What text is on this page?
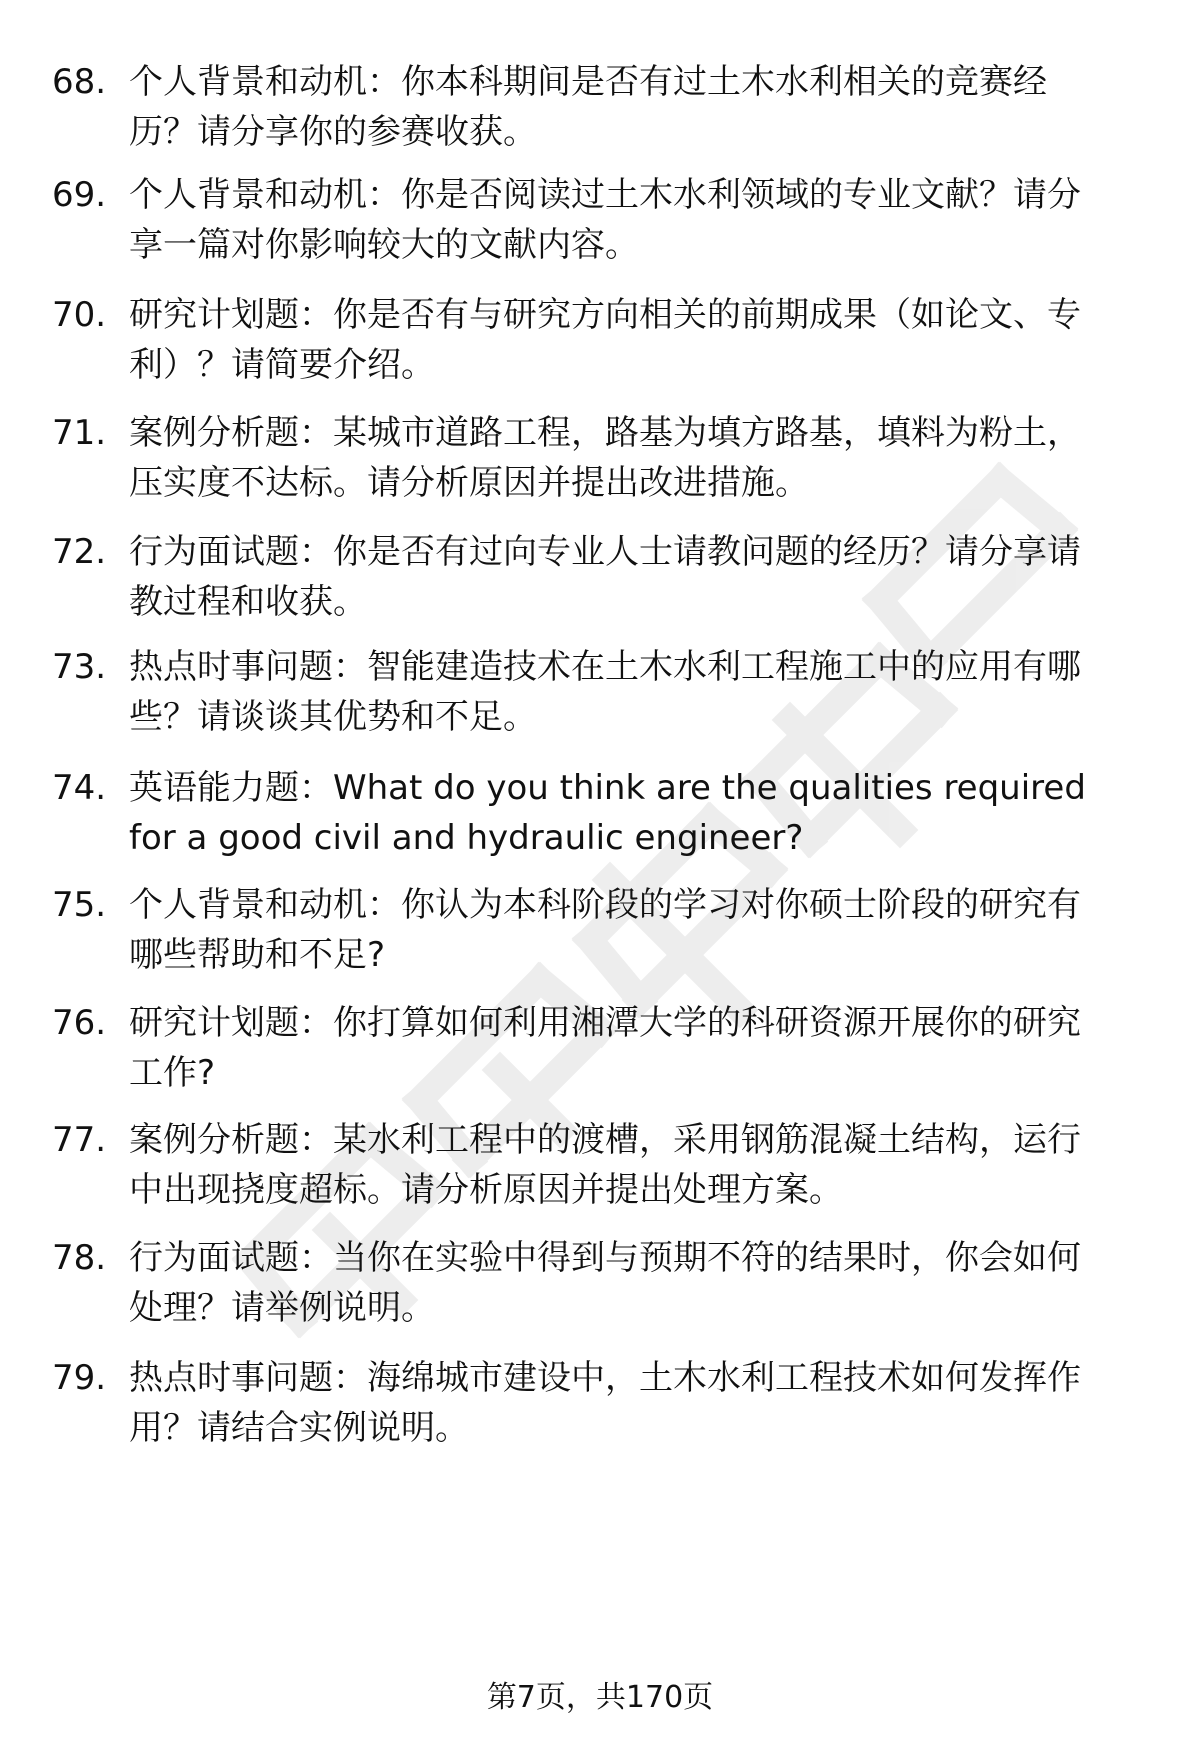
68. 个人背景和动机：你本科期间是否有过土木水利相关的竞赛经
历？请分享你的参赛收获。
69. 个人背景和动机：你是否阅读过土木水利领域的专业文献？请分
享一篇对你影响较大的文献内容。
70. 研究计划题：你是否有与研究方向相关的前期成果（如论文、专
利）？请简要介绍。
71. 案例分析题：某城市道路工程，路基为填方路基，填料为粉土，
压实度不达标。请分析原因并提出改进措施。
72. 行为面试题：你是否有过向专业人士请教问题的经历？请分享请
教过程和收获。
73. 热点时事问题：智能建造技术在土木水利工程施工中的应用有哪
些？请谈谈其优势和不足。
74. 英语能力题：What do you think are the qualities required
for a good civil and hydraulic engineer?
75. 个人背景和动机：你认为本科阶段的学习对你硕士阶段的研究有
哪些帮助和不足?
76. 研究计划题：你打算如何利用湘潭大学的科研资源开展你的研究
工作?
77. 案例分析题：某水利工程中的渡槽，采用钢筋混凝土结构，运行
中出现挠度超标。请分析原因并提出处理方案。
78. 行为面试题：当你在实验中得到与预期不符的结果时，你会如何
处理？请举例说明。
79. 热点时事问题：海绵城市建设中，土木水利工程技术如何发挥作
用？请结合实例说明。
第7页，共170页
